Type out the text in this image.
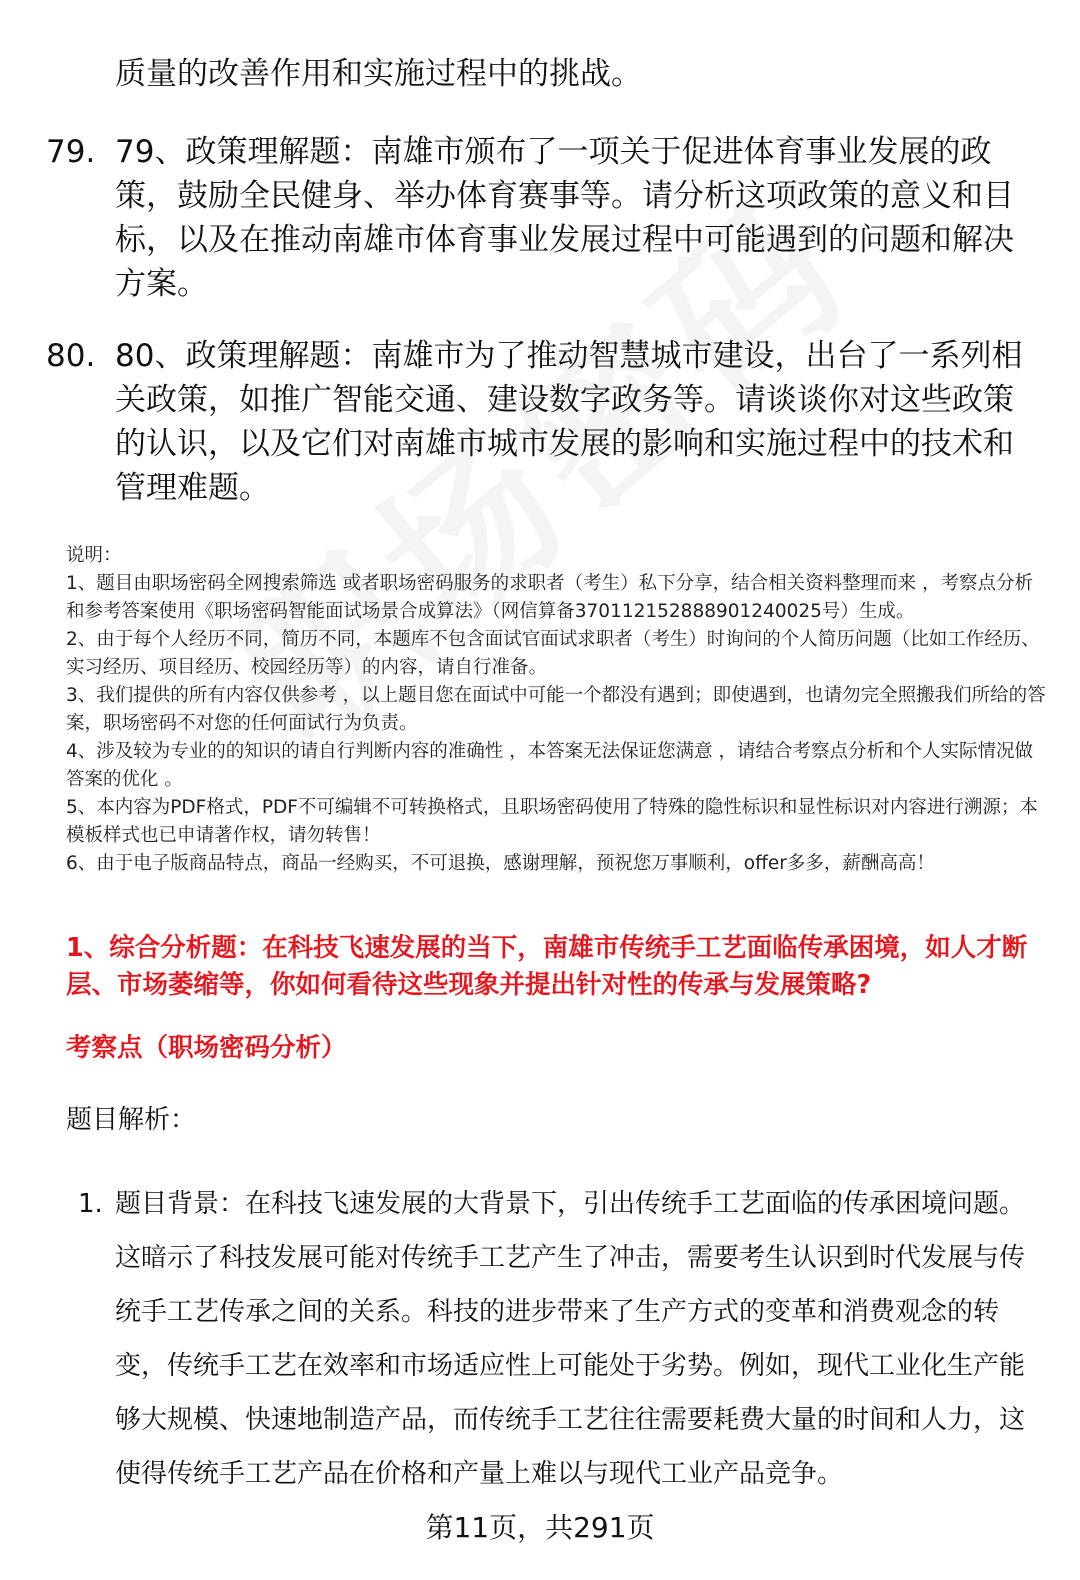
质量的改善作用和实施过程中的挑战。
79. 79、政策理解题：南雄市颁布了一项关于促进体育事业发展的政策，鼓励全民健身、举办体育赛事等。请分析这项政策的意义和目标，以及在推动南雄市体育事业发展过程中可能遇到的问题和解决方案。
80. 80、政策理解题：南雄市为了推动智慧城市建设，出台了一系列相关政策，如推广智能交通、建设数字政务等。请谈谈你对这些政策的认识，以及它们对南雄市城市发展的影响和实施过程中的技术和管理难题。

说明：

1、题目由职场密码全网搜索筛选 或者职场密码服务的求职者（考生）私下分享，结合相关资料整理而来 ，考察点分析和参考答案使用《职场密码智能面试场景合成算法》（网信算备370112152888901240025号）生成。

2、由于每个人经历不同，简历不同，本题库不包含面试官面试求职者（考生）时询问的个人简历问题（比如工作经历、实习经历、项目经历、校园经历等）的内容，请自行准备。

3、我们提供的所有内容仅供参考 ，以上题目您在面试中可能一个都没有遇到；即使遇到，也请勿完全照搬我们所给的答案，职场密码不对您的任何面试行为负责。

4、涉及较为专业的的知识的请自行判断内容的准确性 ，本答案无法保证您满意 ，请结合考察点分析和个人实际情况做答案的优化 。

5、本内容为PDF格式，PDF不可编辑不可转换格式，且职场密码使用了特殊的隐性标识和显性标识对内容进行溯源；本模板样式也已申请著作权，请勿转售！

6、由于电子版商品特点，商品一经购买，不可退换，感谢理解，预祝您万事顺利，offer多多，薪酬高高！

1、综合分析题：在科技飞速发展的当下，南雄市传统手工艺面临传承困境，如人才断层、市场萎缩等，你如何看待这些现象并提出针对性的传承与发展策略?
考察点（职场密码分析）
题目解析：
1. 题目背景：在科技飞速发展的大背景下，引出传统手工艺面临的传承困境问题。这暗示了科技发展可能对传统手工艺产生了冲击，需要考生认识到时代发展与传统手工艺传承之间的关系。科技的进步带来了生产方式的变革和消费观念的转变，传统手工艺在效率和市场适应性上可能处于劣势。例如，现代工业化生产能够大规模、快速地制造产品，而传统手工艺往往需要耗费大量的时间和人力，这使得传统手工艺产品在价格和产量上难以与现代工业产品竞争。
第11页，共291页
